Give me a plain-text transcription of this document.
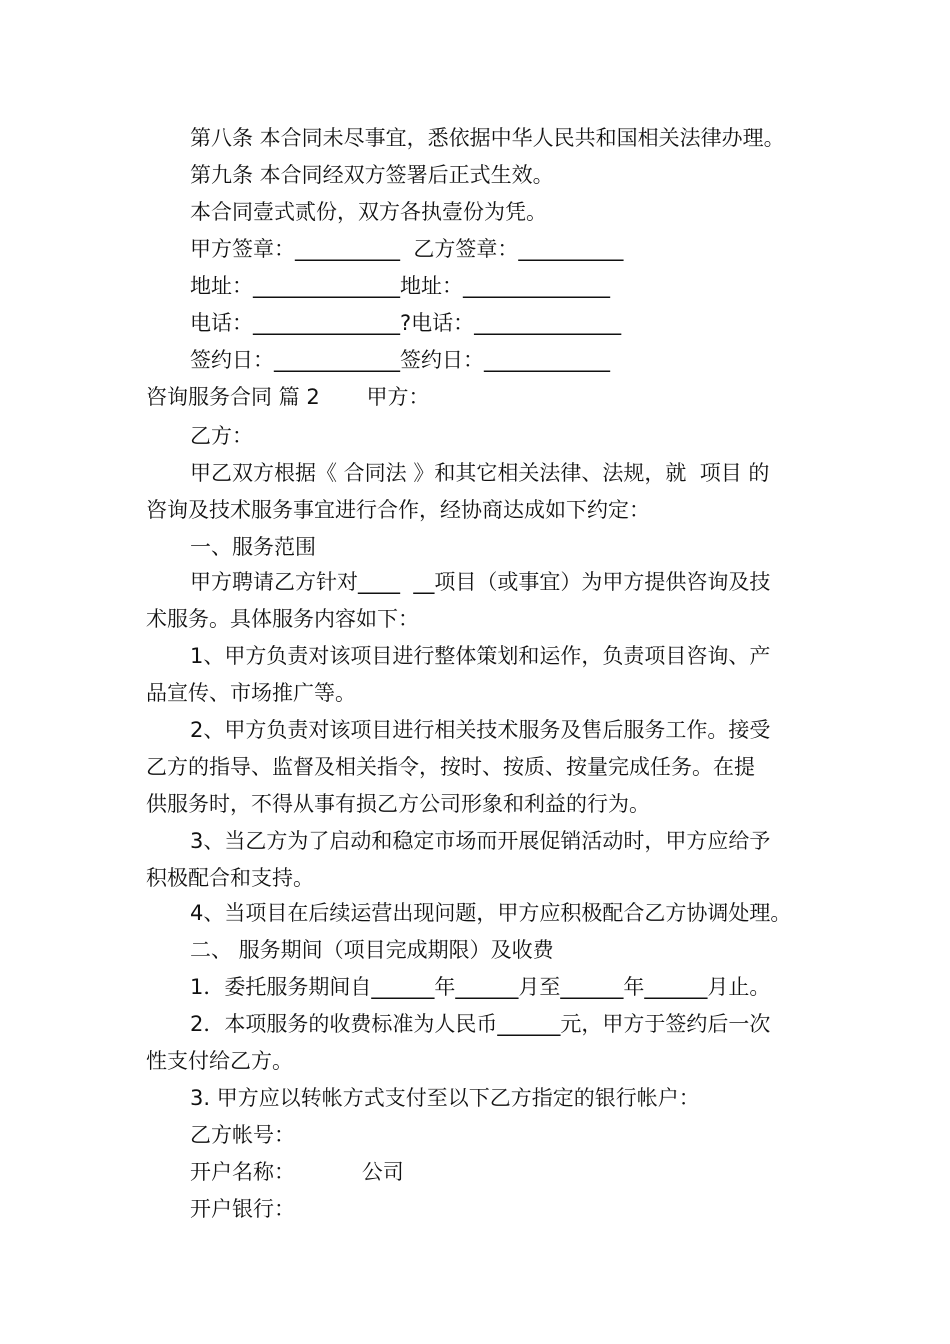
第八条 本合同未尽事宜，悉依据中华人民共和国相关法律办理。
第九条 本合同经双方签署后正式生效。
本合同壹式贰份，双方各执壹份为凭。
甲方签章：__________  乙方签章：__________
地址：______________地址：______________
电话：______________?电话：______________
签约日：____________签约日：____________
咨询服务合同 篇 2       甲方：
乙方：
甲乙双方根据《 合同法 》和其它相关法律、法规，就  项目 的
咨询及技术服务事宜进行合作，经协商达成如下约定：
一、服务范围
甲方聘请乙方针对____  __项目（或事宜）为甲方提供咨询及技
术服务。具体服务内容如下：
1、甲方负责对该项目进行整体策划和运作，负责项目咨询、产
品宣传、市场推广等。
2、甲方负责对该项目进行相关技术服务及售后服务工作。接受
乙方的指导、监督及相关指令，按时、按质、按量完成任务。在提
供服务时，不得从事有损乙方公司形象和利益的行为。
3、当乙方为了启动和稳定市场而开展促销活动时，甲方应给予
积极配合和支持。
4、当项目在后续运营出现问题，甲方应积极配合乙方协调处理。
二、 服务期间（项目完成期限）及收费
1．委托服务期间自______年______月至______年______月止。
2．本项服务的收费标准为人民币______元，甲方于签约后一次
性支付给乙方。
3. 甲方应以转帐方式支付至以下乙方指定的银行帐户：
乙方帐号：
开户名称：          公司
开户银行：
